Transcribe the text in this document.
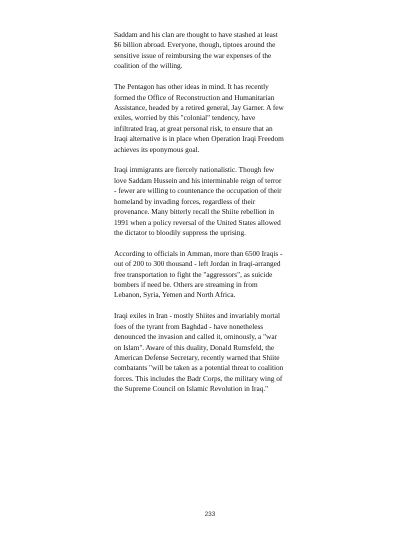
Saddam and his clan are thought to have stashed at least
$6 billion abroad. Everyone, though, tiptoes around the
sensitive issue of reimbursing the war expenses of the
coalition of the willing.

The Pentagon has other ideas in mind. It has recently
formed the Office of Reconstruction and Humanitarian
Assistance, headed by a retired general, Jay Garner. A few
exiles, worried by this "colonial" tendency, have
infiltrated Iraq, at great personal risk, to ensure that an
Iraqi alternative is in place when Operation Iraqi Freedom
achieves its eponymous goal.

Iraqi immigrants are fiercely nationalistic. Though few
love Saddam Hussein and his interminable reign of terror
- fewer are willing to countenance the occupation of their
homeland by invading forces, regardless of their
provenance. Many bitterly recall the Shiite rebellion in
1991 when a policy reversal of the United States allowed
the dictator to bloodily suppress the uprising.

According to officials in Amman, more than 6500 Iraqis -
out of 200 to 300 thousand - left Jordan in Iraqi-arranged
free transportation to fight the "aggressors", as suicide
bombers if need be. Others are streaming in from
Lebanon, Syria, Yemen and North Africa.

Iraqi exiles in Iran - mostly Shiites and invariably mortal
foes of the tyrant from Baghdad - have nonetheless
denounced the invasion and called it, ominously, a "war
on Islam". Aware of this duality, Donald Rumsfeld, the
American Defense Secretary, recently warned that Shiite
combatants "will be taken as a potential threat to coalition
forces. This includes the Badr Corps, the military wing of
the Supreme Council on Islamic Revolution in Iraq."

233
